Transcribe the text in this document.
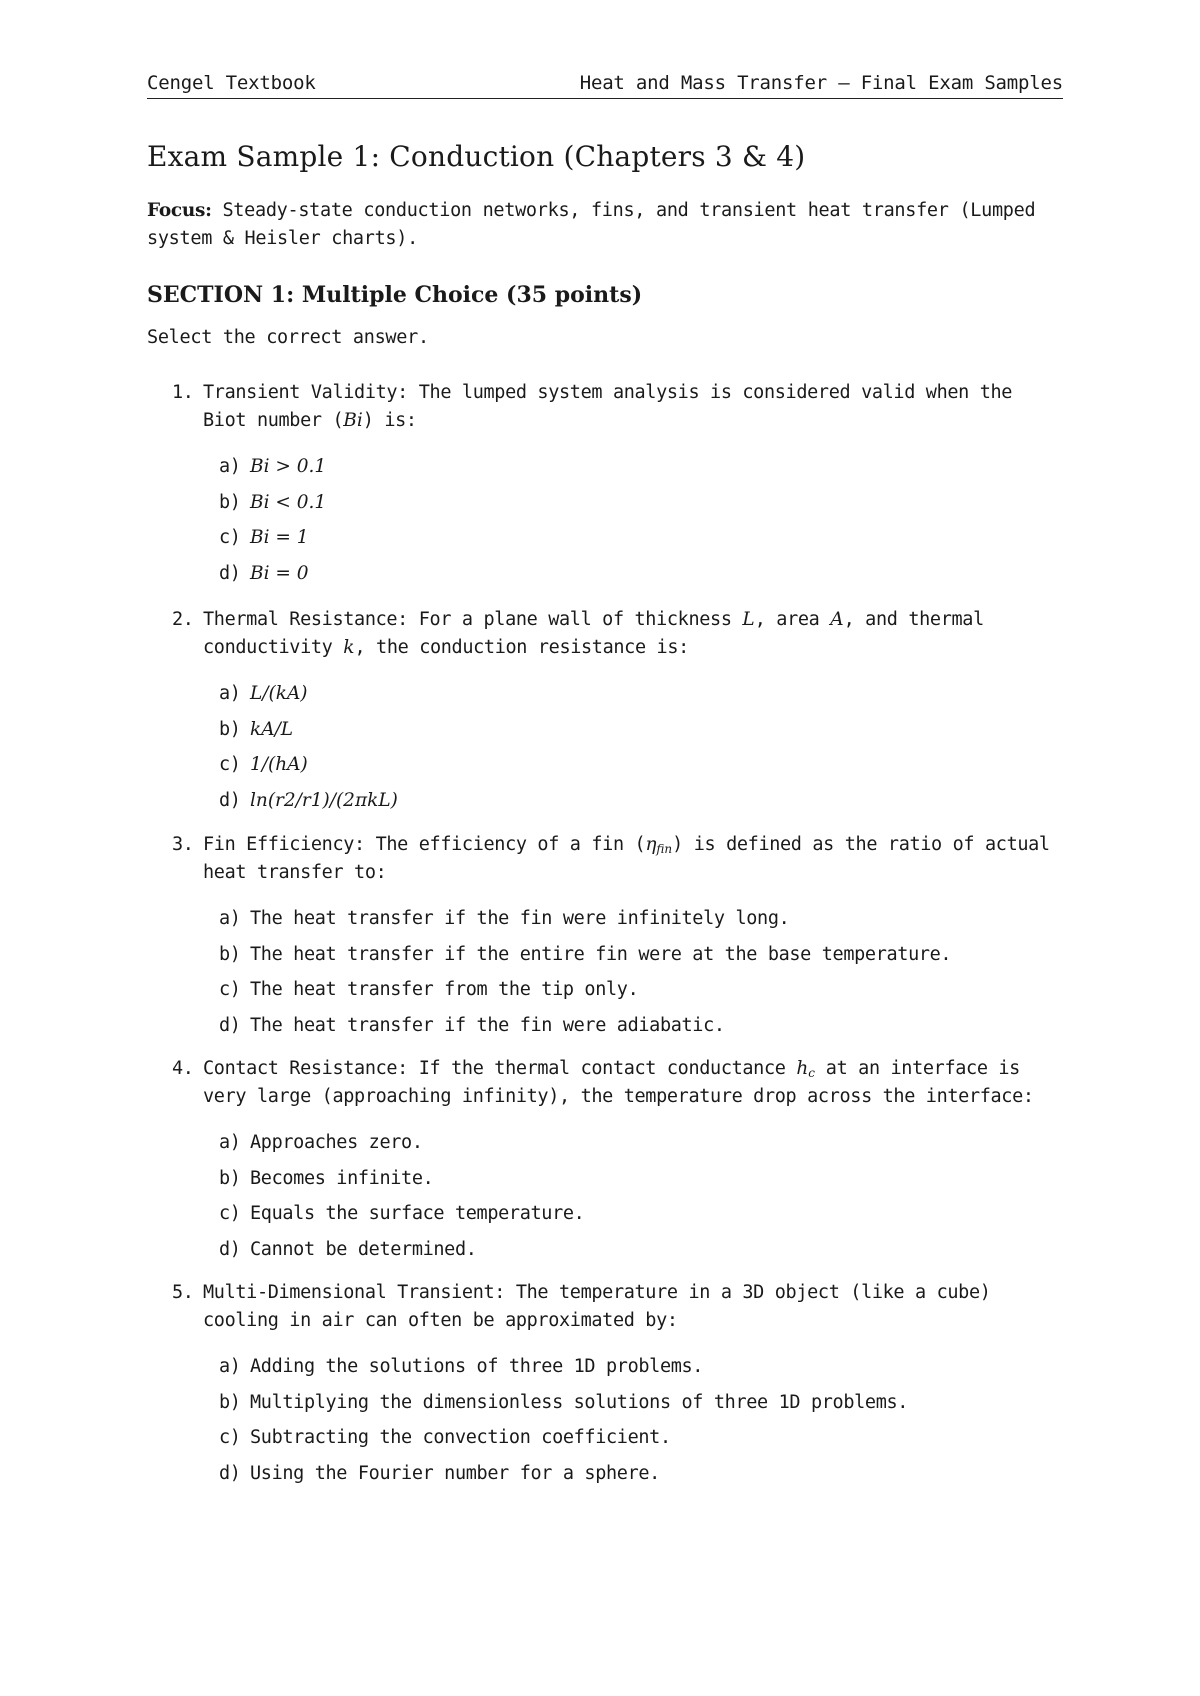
Cengel Textbook	Heat and Mass Transfer – Final Exam Samples
Exam Sample 1: Conduction (Chapters 3 & 4)
Focus: Steady-state conduction networks, fins, and transient heat transfer (Lumped system & Heisler charts).
SECTION 1: Multiple Choice (35 points)
Select the correct answer.
1. Transient Validity: The lumped system analysis is considered valid when the Biot number (Bi) is:
a) Bi > 0.1
b) Bi < 0.1
c) Bi = 1
d) Bi = 0
2. Thermal Resistance: For a plane wall of thickness L, area A, and thermal conductivity k, the conduction resistance is:
a) L/(kA)
b) kA/L
c) 1/(hA)
d) ln(r2/r1)/(2πkL)
3. Fin Efficiency: The efficiency of a fin $(\eta_{fin})$ is defined as the ratio of actual heat transfer to:
a) The heat transfer if the fin were infinitely long.
b) The heat transfer if the entire fin were at the base temperature.
c) The heat transfer from the tip only.
d) The heat transfer if the fin were adiabatic.
4. Contact Resistance: If the thermal contact conductance $h_c$ at an interface is very large (approaching infinity), the temperature drop across the interface:
a) Approaches zero.
b) Becomes infinite.
c) Equals the surface temperature.
d) Cannot be determined.
5. Multi-Dimensional Transient: The temperature in a 3D object (like a cube) cooling in air can often be approximated by:
a) Adding the solutions of three 1D problems.
b) Multiplying the dimensionless solutions of three 1D problems.
c) Subtracting the convection coefficient.
d) Using the Fourier number for a sphere.
